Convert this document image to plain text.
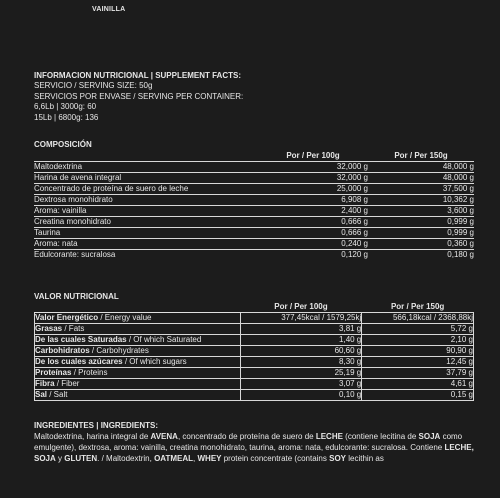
VAINILLA
INFORMACION NUTRICIONAL | SUPPLEMENT FACTS:
SERVICIO / SERVING SIZE: 50g
SERVICIOS POR ENVASE / SERVING PER CONTAINER:
6,6Lb | 3000g: 60
15Lb | 6800g: 136
COMPOSICIÓN
	Por / Per 100g	Por / Per 150g
Maltodextrina	32,000 g	48,000 g
Harina de avena integral	32,000 g	48,000 g
Concentrado de proteína de suero de leche	25,000 g	37,500 g
Dextrosa monohidrato	6,908 g	10,362 g
Aroma: vainilla	2,400 g	3,600 g
Creatina monohidrato	0,666 g	0,999 g
Taurina	0,666 g	0,999 g
Aroma: nata	0,240 g	0,360 g
Edulcorante: sucralosa	0,120 g	0,180 g
VALOR NUTRICIONAL
	Por / Per 100g	Por / Per 150g
Valor Energético / Energy value	377,45kcal / 1579,25kj	566,18kcal / 2368,88kj
Grasas / Fats	3,81 g	5,72 g
De las cuales Saturadas / Of which Saturated	1,40 g	2,10 g
Carbohidratos / Carbohydrates	60,60 g	90,90 g
De los cuales azúcares / Of which sugars	8,30 g	12,45 g
Proteínas / Proteins	25,19 g	37,79 g
Fibra / Fiber	3,07 g	4,61 g
Sal / Salt	0,10 g	0,15 g
INGREDIENTES | INGREDIENTS:
Maltodextrina, harina integral de AVENA, concentrado de proteína de suero de LECHE (contiene lecitina de SOJA como emulgente), dextrosa, aroma: vainilla, creatina monohidrato, taurina, aroma: nata, edulcorante: sucralosa. Contiene LECHE, SOJA y GLUTEN. / Maltodextrin, OATMEAL, WHEY protein concentrate (contains SOY lecithin as
